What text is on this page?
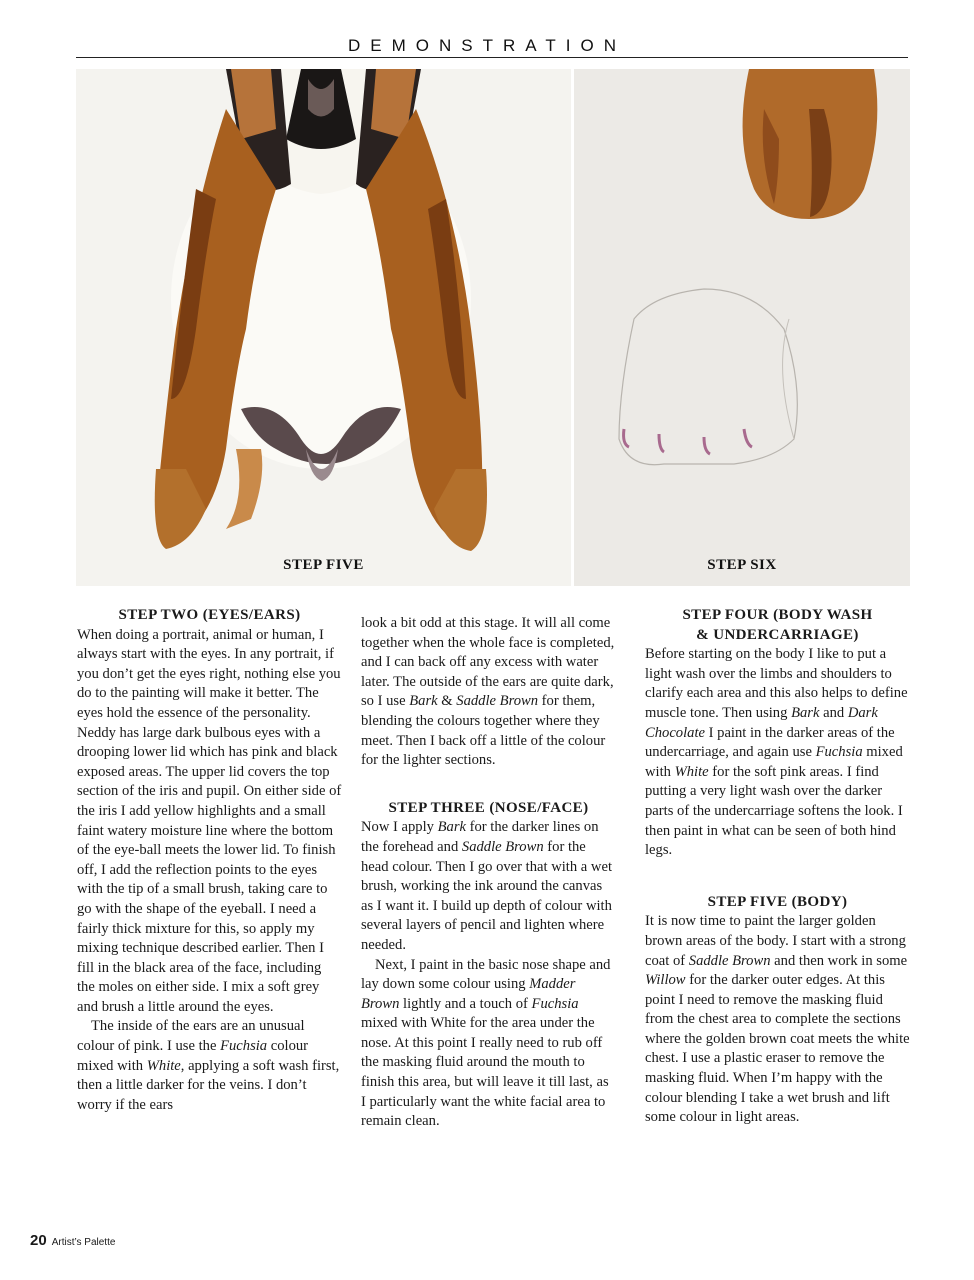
DEMONSTRATION
STEP FIVE	STEP SIX
STEP TWO (EYES/EARS)

When doing a portrait, animal or human, I always start with the eyes. In any portrait, if you don’t get the eyes right, nothing else you do to the painting will make it better. The eyes hold the essence of the personality. Neddy has large dark bulbous eyes with a drooping lower lid which has pink and black exposed areas. The upper lid covers the top section of the iris and pupil. On either side of the iris I add yellow highlights and a small faint watery moisture line where the bottom of the eye-ball meets the lower lid. To finish off, I add the reflection points to the eyes with the tip of a small brush, taking care to go with the shape of the eyeball. I need a fairly thick mixture for this, so apply my mixing technique described earlier. Then I fill in the black area of the face, including the moles on either side. I mix a soft grey and brush a little around the eyes.

The inside of the ears are an unusual colour of pink. I use the Fuchsia colour mixed with White, applying a soft wash first, then a little darker for the veins. I don’t worry if the ears

look a bit odd at this stage. It will all come together when the whole face is completed, and I can back off any excess with water later. The outside of the ears are quite dark, so I use Bark & Saddle Brown for them, blending the colours together where they meet. Then I back off a little of the colour for the lighter sections.

STEP THREE (NOSE/FACE)

Now I apply Bark for the darker lines on the forehead and Saddle Brown for the head colour. Then I go over that with a wet brush, working the ink around the canvas as I want it. I build up depth of colour with several layers of pencil and lighten where needed.

Next, I paint in the basic nose shape and lay down some colour using Madder Brown lightly and a touch of Fuchsia mixed with White for the area under the nose. At this point I really need to rub off the masking fluid around the mouth to finish this area, but will leave it till last, as I particularly want the white facial area to remain clean.

STEP FOUR (BODY WASH
& UNDERCARRIAGE)

Before starting on the body I like to put a light wash over the limbs and shoulders to clarify each area and this also helps to define muscle tone. Then using Bark and Dark Chocolate I paint in the darker areas of the undercarriage, and again use Fuchsia mixed with White for the soft pink areas. I find putting a very light wash over the darker parts of the undercarriage softens the look. I then paint in what can be seen of both hind legs.

STEP FIVE (BODY)

It is now time to paint the larger golden brown areas of the body. I start with a strong coat of Saddle Brown and then work in some Willow for the darker outer edges. At this point I need to remove the masking fluid from the chest area to complete the sections where the golden brown coat meets the white chest. I use a plastic eraser to remove the masking fluid. When I’m happy with the colour blending I take a wet brush and lift some colour in light areas.

20 Artist’s Palette
